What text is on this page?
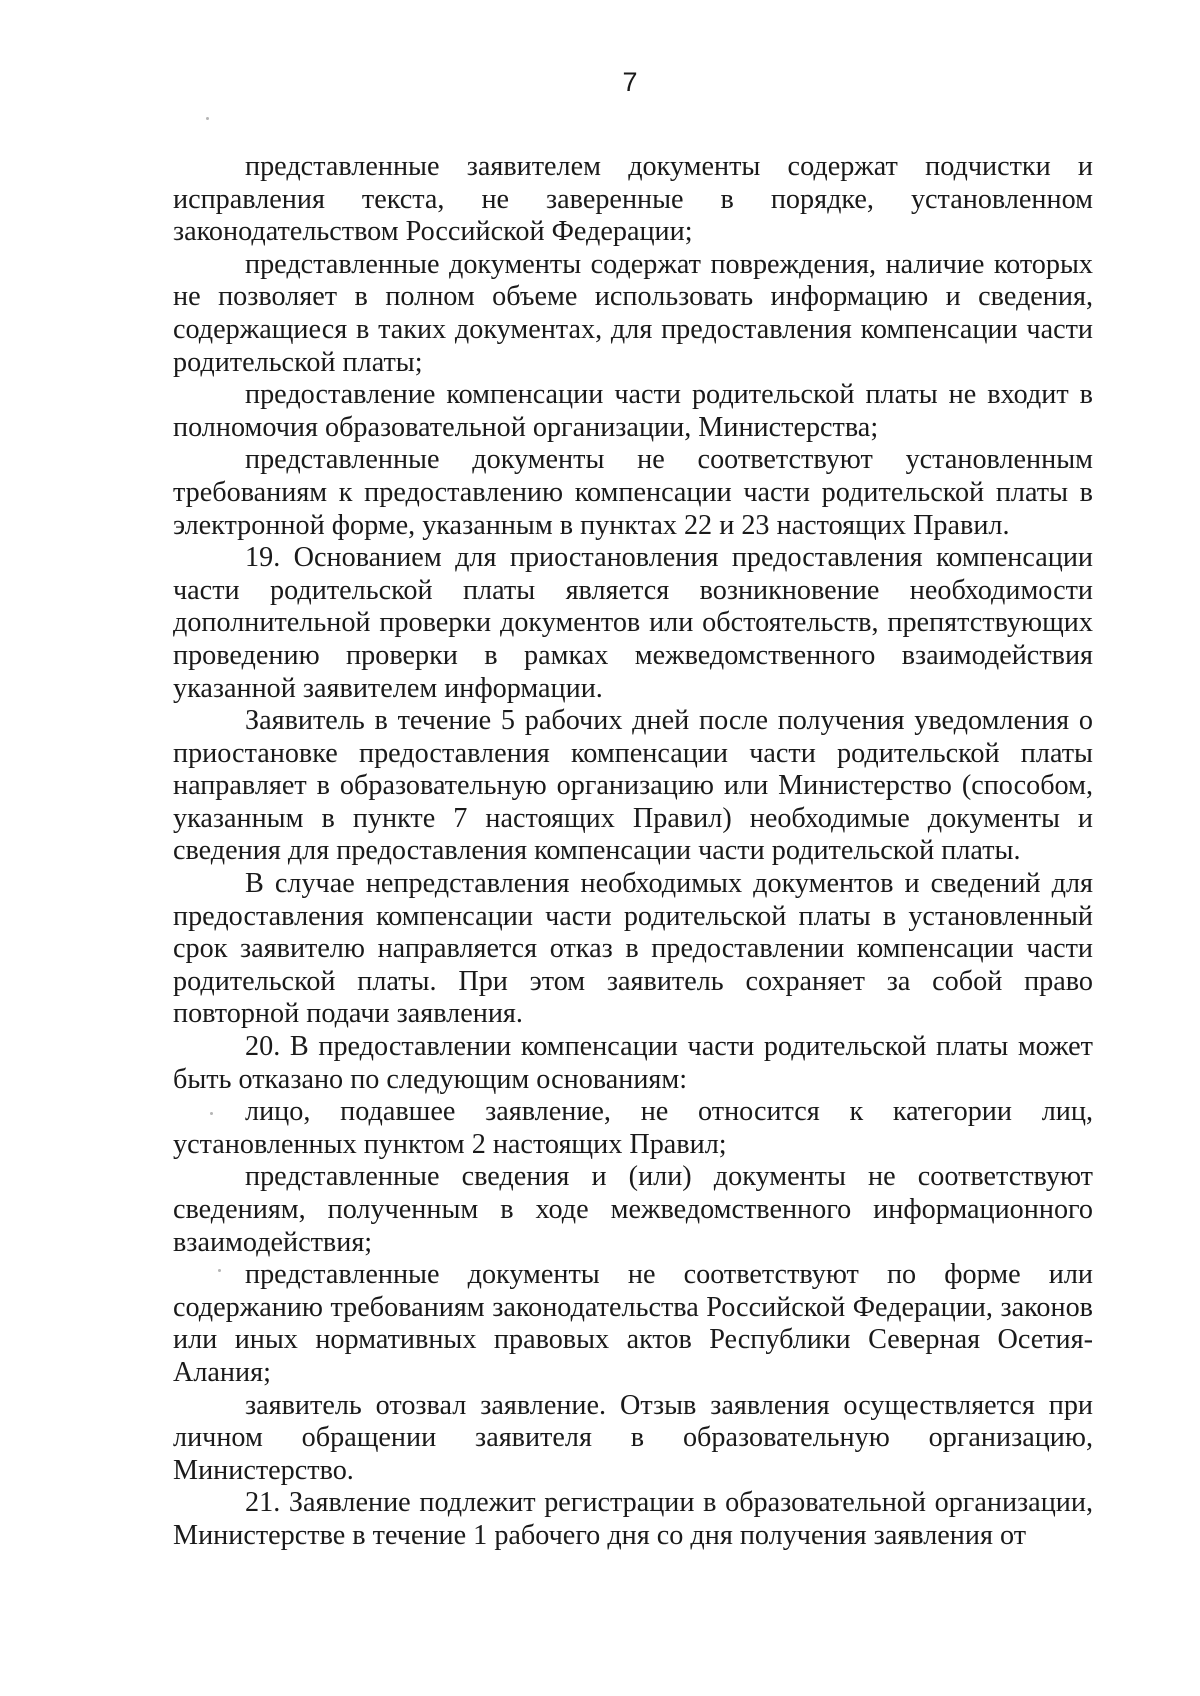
7

представленные заявителем документы содержат подчистки и исправления текста, не заверенные в порядке, установленном законодательством Российской Федерации;

представленные документы содержат повреждения, наличие которых не позволяет в полном объеме использовать информацию и сведения, содержащиеся в таких документах, для предоставления компенсации части родительской платы;

предоставление компенсации части родительской платы не входит в полномочия образовательной организации, Министерства;

представленные документы не соответствуют установленным требованиям к предоставлению компенсации части родительской платы в электронной форме, указанным в пунктах 22 и 23 настоящих Правил.

19. Основанием для приостановления предоставления компенсации части родительской платы является возникновение необходимости дополнительной проверки документов или обстоятельств, препятствующих проведению проверки в рамках межведомственного взаимодействия указанной заявителем информации.

Заявитель в течение 5 рабочих дней после получения уведомления о приостановке предоставления компенсации части родительской платы направляет в образовательную организацию или Министерство (способом, указанным в пункте 7 настоящих Правил) необходимые документы и сведения для предоставления компенсации части родительской платы.

В случае непредставления необходимых документов и сведений для предоставления компенсации части родительской платы в установленный срок заявителю направляется отказ в предоставлении компенсации части родительской платы. При этом заявитель сохраняет за собой право повторной подачи заявления.

20. В предоставлении компенсации части родительской платы может быть отказано по следующим основаниям:

лицо, подавшее заявление, не относится к категории лиц, установленных пунктом 2 настоящих Правил;

представленные сведения и (или) документы не соответствуют сведениям, полученным в ходе межведомственного информационного взаимодействия;

представленные документы не соответствуют по форме или содержанию требованиям законодательства Российской Федерации, законов или иных нормативных правовых актов Республики Северная Осетия-Алания;

заявитель отозвал заявление. Отзыв заявления осуществляется при личном обращении заявителя в образовательную организацию, Министерство.

21. Заявление подлежит регистрации в образовательной организации, Министерстве в течение 1 рабочего дня со дня получения заявления от
